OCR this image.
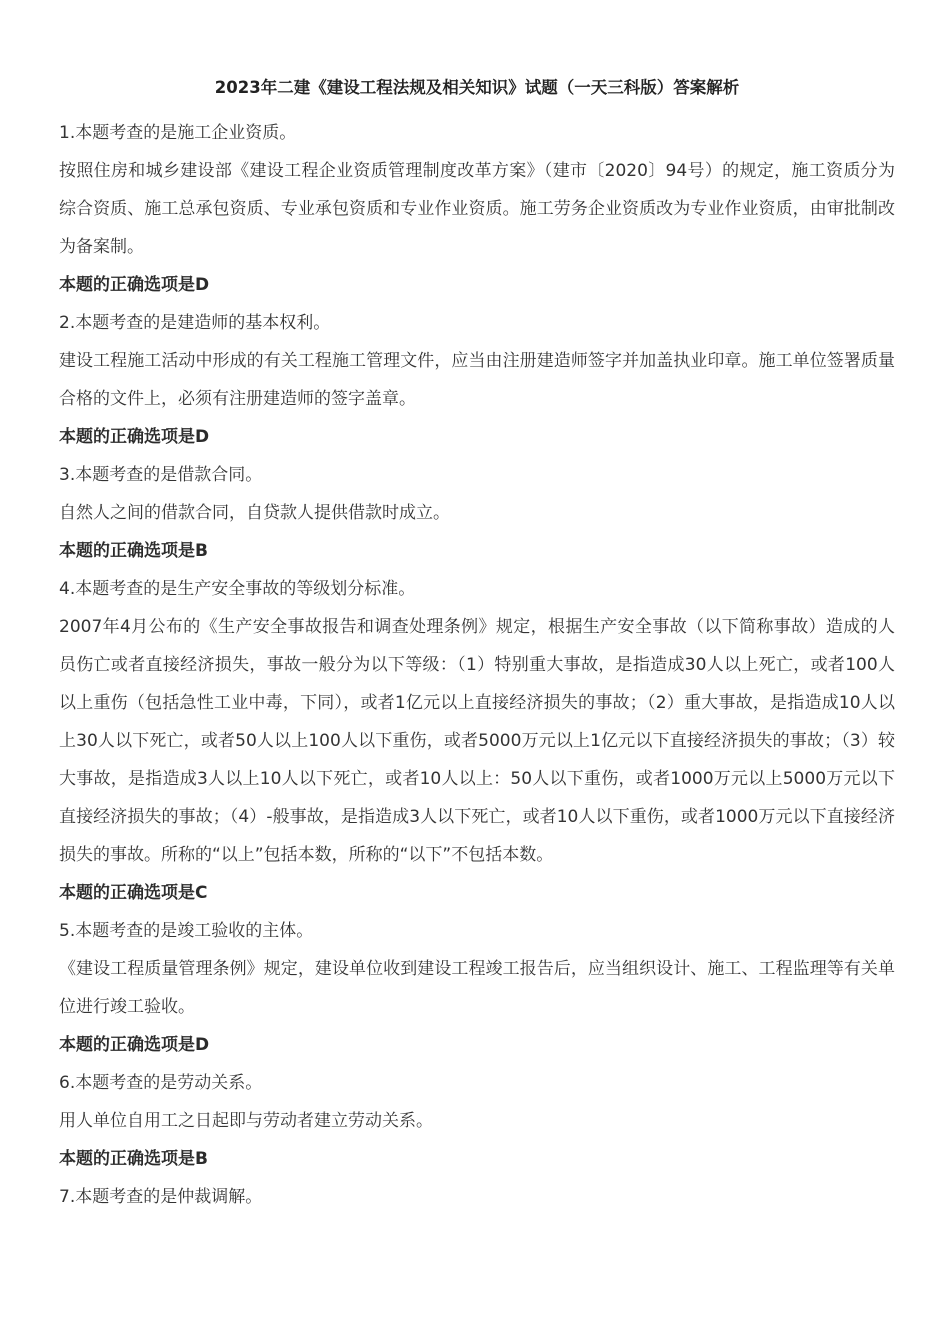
2023年二建《建设工程法规及相关知识》试题（一天三科版）答案解析

1.本题考查的是施工企业资质。

按照住房和城乡建设部《建设工程企业资质管理制度改革方案》（建市〔2020〕94号）的规定，施工资质分为综合资质、施工总承包资质、专业承包资质和专业作业资质。施工劳务企业资质改为专业作业资质，由审批制改为备案制。

本题的正确选项是D

2.本题考查的是建造师的基本权利。

建设工程施工活动中形成的有关工程施工管理文件，应当由注册建造师签字并加盖执业印章。施工单位签署质量合格的文件上，必须有注册建造师的签字盖章。

本题的正确选项是D

3.本题考查的是借款合同。

自然人之间的借款合同，自贷款人提供借款时成立。

本题的正确选项是B

4.本题考查的是生产安全事故的等级划分标准。

2007年4月公布的《生产安全事故报告和调查处理条例》规定，根据生产安全事故（以下简称事故）造成的人员伤亡或者直接经济损失，事故一般分为以下等级：（1）特别重大事故，是指造成30人以上死亡，或者100人以上重伤（包括急性工业中毒，下同），或者1亿元以上直接经济损失的事故；（2）重大事故，是指造成10人以上30人以下死亡，或者50人以上100人以下重伤，或者5000万元以上1亿元以下直接经济损失的事故；（3）较大事故，是指造成3人以上10人以下死亡，或者10人以上：50人以下重伤，或者1000万元以上5000万元以下直接经济损失的事故；（4）-般事故，是指造成3人以下死亡，或者10人以下重伤，或者1000万元以下直接经济损失的事故。所称的“以上”包括本数，所称的“以下”不包括本数。

本题的正确选项是C

5.本题考查的是竣工验收的主体。

《建设工程质量管理条例》规定，建设单位收到建设工程竣工报告后，应当组织设计、施工、工程监理等有关单位进行竣工验收。

本题的正确选项是D

6.本题考查的是劳动关系。

用人单位自用工之日起即与劳动者建立劳动关系。

本题的正确选项是B

7.本题考查的是仲裁调解。
